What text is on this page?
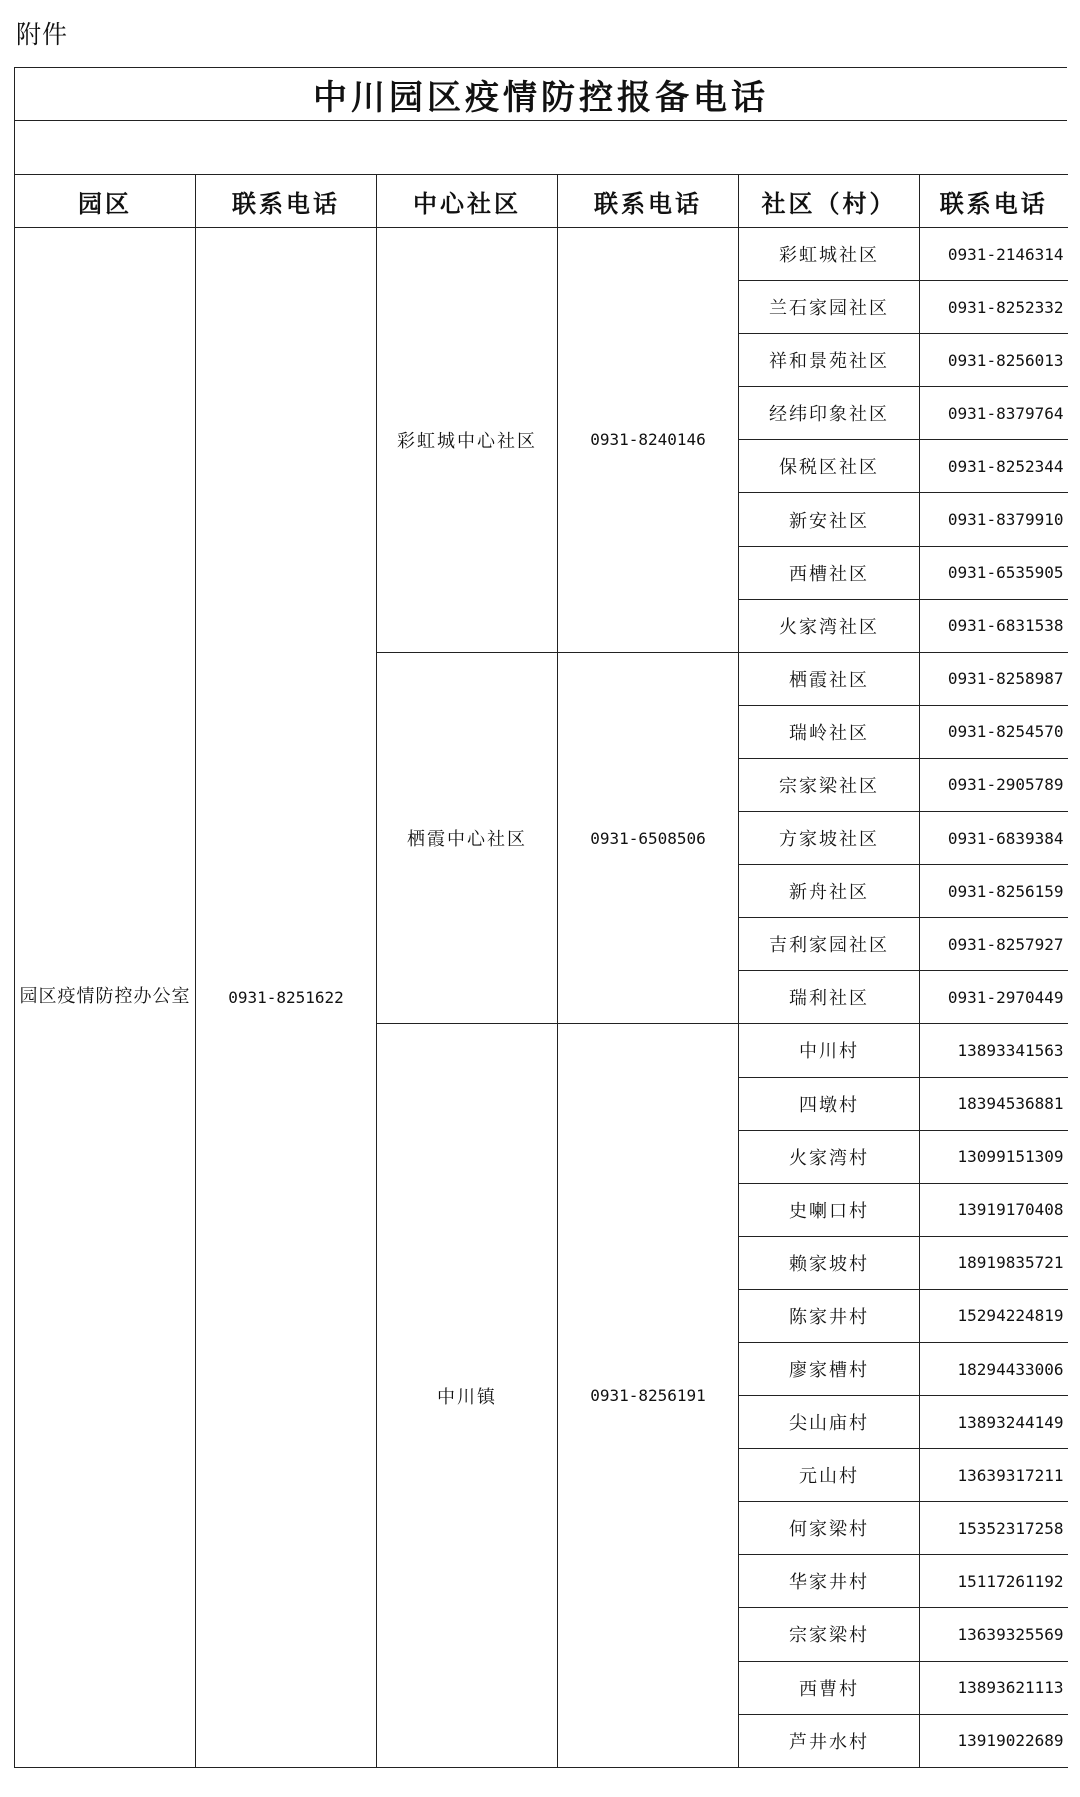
附件
中川园区疫情防控报备电话
园区	联系电话	中心社区	联系电话	社区（村）	联系电话
园区疫情防控办公室	0931-8251622	彩虹城中心社区	0931-8240146	彩虹城社区	0931-2146314
				兰石家园社区	0931-8252332
				祥和景苑社区	0931-8256013
				经纬印象社区	0931-8379764
				保税区社区	0931-8252344
				新安社区	0931-8379910
				西槽社区	0931-6535905
				火家湾社区	0931-6831538
		栖霞中心社区	0931-6508506	栖霞社区	0931-8258987
				瑞岭社区	0931-8254570
				宗家梁社区	0931-2905789
				方家坡社区	0931-6839384
				新舟社区	0931-8256159
				吉利家园社区	0931-8257927
				瑞利社区	0931-2970449
		中川镇	0931-8256191	中川村	13893341563
				四墩村	18394536881
				火家湾村	13099151309
				史喇口村	13919170408
				赖家坡村	18919835721
				陈家井村	15294224819
				廖家槽村	18294433006
				尖山庙村	13893244149
				元山村	13639317211
				何家梁村	15352317258
				华家井村	15117261192
				宗家梁村	13639325569
				西曹村	13893621113
				芦井水村	13919022689
